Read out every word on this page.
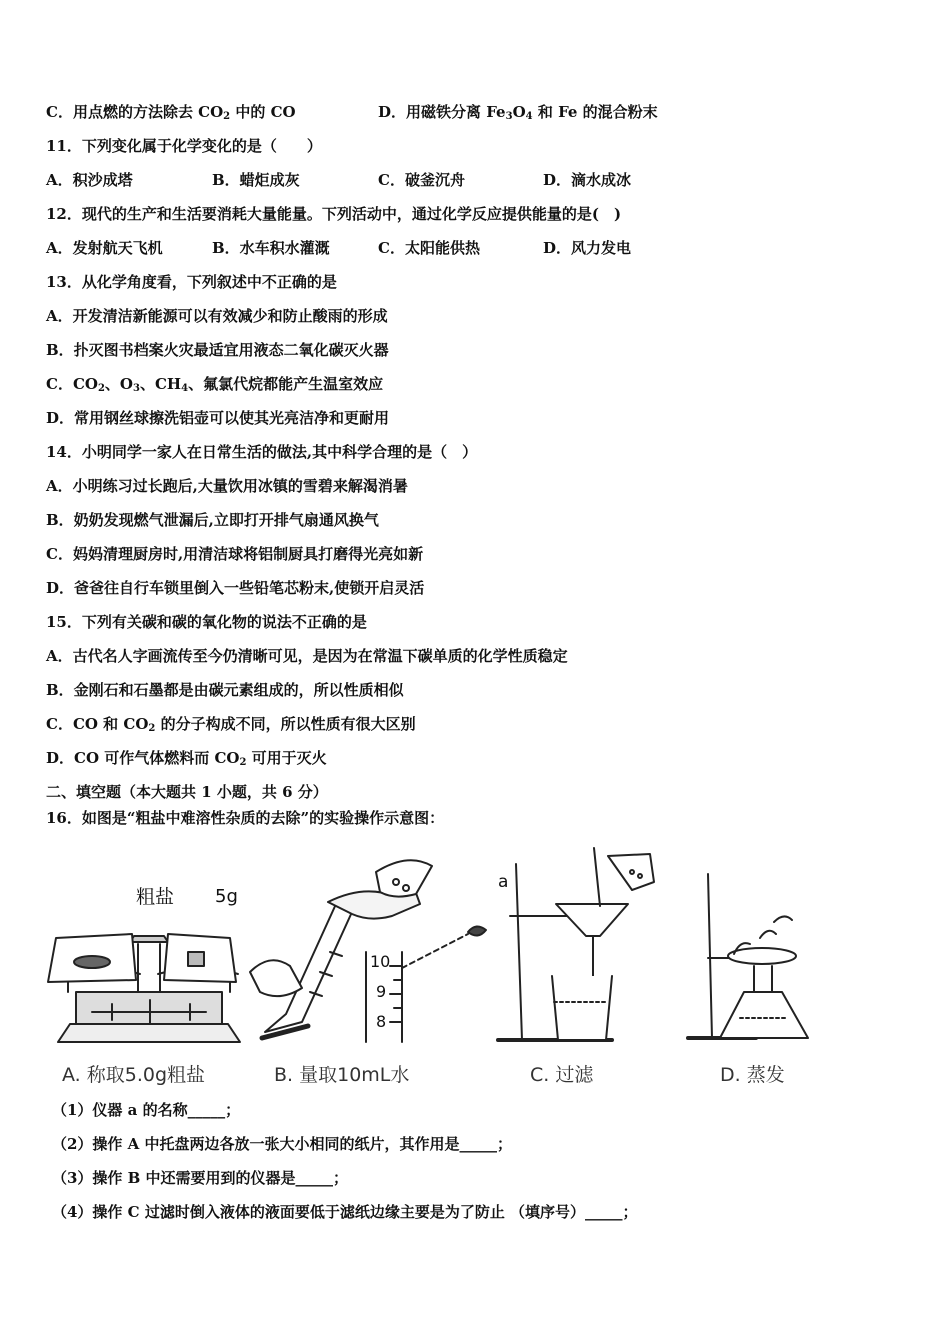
C．用点燃的方法除去 $CO_2$ 中的 CO	D．用磁铁分离 $Fe_3O_4$ 和 Fe 的混合粉末
11．下列变化属于化学变化的是（　　）
A．积沙成塔	B．蜡炬成灰	C．破釜沉舟	D．滴水成冰
12．现代的生产和生活要消耗大量能量。下列活动中，通过化学反应提供能量的是(　)
A．发射航天飞机	B．水车积水灌溉	C．太阳能供热	D．风力发电
13．从化学角度看，下列叙述中不正确的是
A．开发清洁新能源可以有效减少和防止酸雨的形成
B．扑灭图书档案火灾最适宜用液态二氧化碳灭火器
C．$CO_2$、$O_3$、$CH_4$、氟氯代烷都能产生温室效应
D．常用钢丝球擦洗铝壶可以使其光亮洁净和更耐用
14．小明同学一家人在日常生活的做法,其中科学合理的是（　）
A．小明练习过长跑后,大量饮用冰镇的雪碧来解渴消暑
B．奶奶发现燃气泄漏后,立即打开排气扇通风换气
C．妈妈清理厨房时,用清洁球将铝制厨具打磨得光亮如新
D．爸爸往自行车锁里倒入一些铅笔芯粉末,使锁开启灵活
15．下列有关碳和碳的氧化物的说法不正确的是
A．古代名人字画流传至今仍清晰可见，是因为在常温下碳单质的化学性质稳定
B．金刚石和石墨都是由碳元素组成的，所以性质相似
C．CO 和 $CO_2$ 的分子构成不同，所以性质有很大区别
D．CO 可作气体燃料而 $CO_2$ 可用于灭火
二、填空题（本大题共 1 小题，共 6 分）
16．如图是“粗盐中难溶性杂质的去除”的实验操作示意图：
粗盐 5g
a
10
9
8
A. 称取5.0g粗盐	B. 量取10mL水	C. 过滤	D. 蒸发
（1）仪器 a 的名称_____；
（2）操作 A 中托盘两边各放一张大小相同的纸片，其作用是_____；
（3）操作 B 中还需要用到的仪器是_____；
（4）操作 C 过滤时倒入液体的液面要低于滤纸边缘主要是为了防止 （填序号）_____；
